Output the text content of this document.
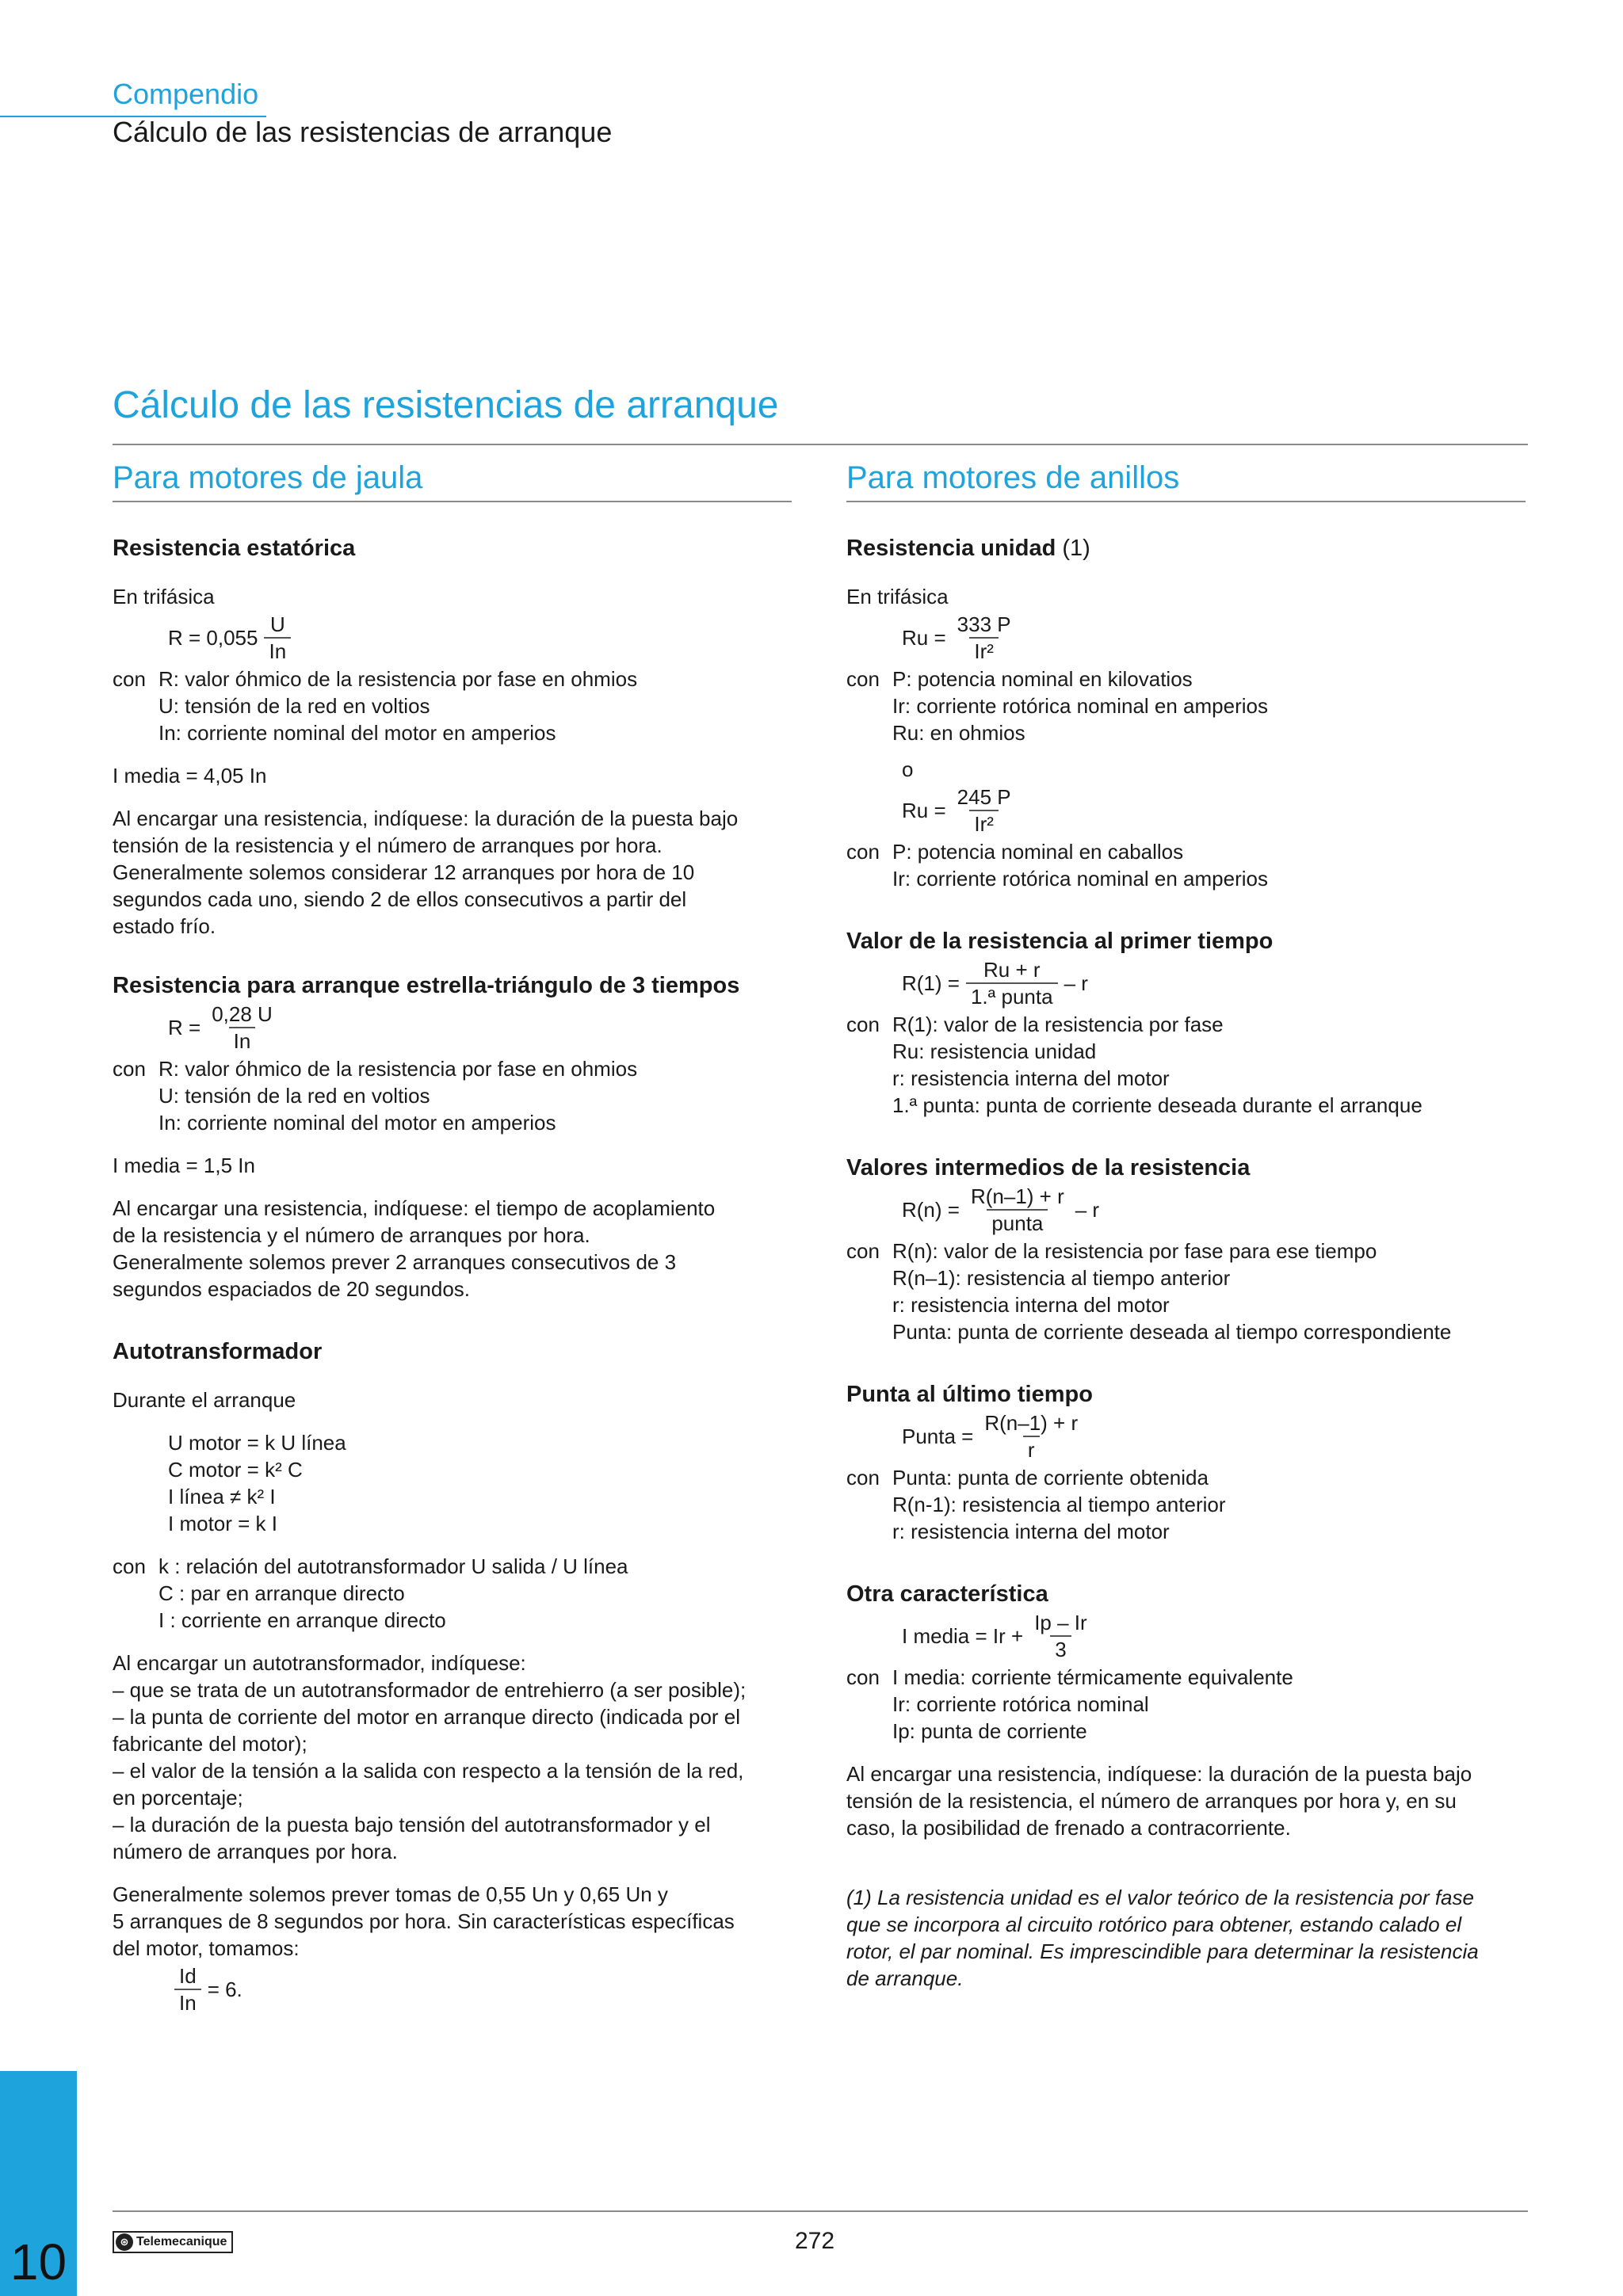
Compendio
Cálculo de las resistencias de arranque
Cálculo de las resistencias de arranque
Para motores de jaula

Resistencia estatórica

En trifásica

$R = 0,055 \frac{U}{In}$
con R: valor óhmico de la resistencia por fase en ohmios
U: tensión de la red en voltios
In: corriente nominal del motor en amperios

I media = 4,05 In

Al encargar una resistencia, indíquese: la duración de la puesta bajo

tensión de la resistencia y el número de arranques por hora.

Generalmente solemos considerar 12 arranques por hora de 10

segundos cada uno, siendo 2 de ellos consecutivos a partir del

estado frío.

Resistencia para arranque estrella-triángulo de 3 tiempos

$R = \frac{0,28 U}{In}$
con R: valor óhmico de la resistencia por fase en ohmios
U: tensión de la red en voltios
In: corriente nominal del motor en amperios

I media = 1,5 In

Al encargar una resistencia, indíquese: el tiempo de acoplamiento

de la resistencia y el número de arranques por hora.

Generalmente solemos prever 2 arranques consecutivos de 3

segundos espaciados de 20 segundos.

Autotransformador

Durante el arranque

U motor = k U línea

C motor = k² C

I línea ≠ k² I

I motor = k I

con k : relación del autotransformador U salida / U línea
C : par en arranque directo
I : corriente en arranque directo

Al encargar un autotransformador, indíquese:

– que se trata de un autotransformador de entrehierro (a ser posible);

– la punta de corriente del motor en arranque directo (indicada por el

fabricante del motor);

– el valor de la tensión a la salida con respecto a la tensión de la red,

en porcentaje;

– la duración de la puesta bajo tensión del autotransformador y el

número de arranques por hora.

Generalmente solemos prever tomas de 0,55 Un y 0,65 Un y

5 arranques de 8 segundos por hora. Sin características específicas

del motor, tomamos:

$\frac{Id}{In} = 6$.
Para motores de anillos

Resistencia unidad (1)

En trifásica

$Ru = \frac{333 P}{\text{Ir²}}$
con P: potencia nominal en kilovatios
Ir: corriente rotórica nominal en amperios
Ru: en ohmios

o

$Ru = \frac{245 P}{\text{Ir²}}$
con P: potencia nominal en caballos
Ir: corriente rotórica nominal en amperios

Valor de la resistencia al primer tiempo

$R(1) = \frac{Ru + r}{\text{1.ª punta}} - r$
con R(1): valor de la resistencia por fase
Ru: resistencia unidad
r: resistencia interna del motor
1.ª punta: punta de corriente deseada durante el arranque

Valores intermedios de la resistencia

$R(n) = \frac{R(n-1) + r}{\text{punta}} - r$
con R(n): valor de la resistencia por fase para ese tiempo
R(n–1): resistencia al tiempo anterior
r: resistencia interna del motor
Punta: punta de corriente deseada al tiempo correspondiente

Punta al último tiempo

Punta = $\frac{R(n-1) + r}{r}$
con Punta: punta de corriente obtenida
R(n-1): resistencia al tiempo anterior
r: resistencia interna del motor

Otra característica

I media = $Ir + \frac{Ip - Ir}{3}$
con I media: corriente térmicamente equivalente
Ir: corriente rotórica nominal
Ip: punta de corriente

Al encargar una resistencia, indíquese: la duración de la puesta bajo

tensión de la resistencia, el número de arranques por hora y, en su

caso, la posibilidad de frenado a contracorriente.

(1) La resistencia unidad es el valor teórico de la resistencia por fase

que se incorpora al circuito rotórico para obtener, estando calado el

rotor, el par nominal. Es imprescindible para determinar la resistencia

de arranque.

10	⊛ Telemecanique	272
